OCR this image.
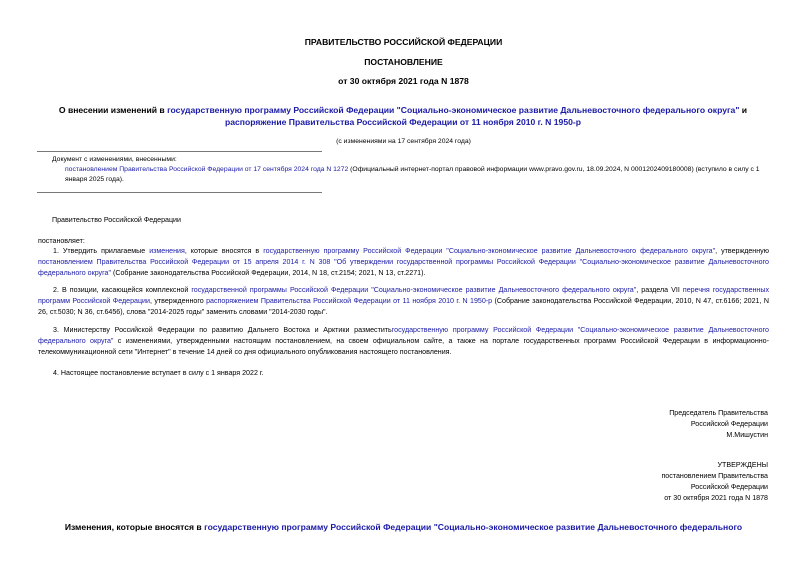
ПРАВИТЕЛЬСТВО РОССИЙСКОЙ ФЕДЕРАЦИИ
ПОСТАНОВЛЕНИЕ
от 30 октября 2021 года N 1878
О внесении изменений в государственную программу Российской Федерации "Социально-экономическое развитие Дальневосточного федерального округа" и распоряжение Правительства Российской Федерации от 11 ноября 2010 г. N 1950-р
(с изменениями на 17 сентября 2024 года)
Документ с изменениями, внесенными:
постановлением Правительства Российской Федерации от 17 сентября 2024 года N 1272 (Официальный интернет-портал правовой информации www.pravo.gov.ru, 18.09.2024, N 0001202409180008) (вступило в силу с 1 января 2025 года).
Правительство Российской Федерации
постановляет:
1. Утвердить прилагаемые изменения, которые вносятся в государственную программу Российской Федерации "Социально-экономическое развитие Дальневосточного федерального округа", утвержденную постановлением Правительства Российской Федерации от 15 апреля 2014 г. N 308 "Об утверждении государственной программы Российской Федерации "Социально-экономическое развитие Дальневосточного федерального округа" (Собрание законодательства Российской Федерации, 2014, N 18, ст.2154; 2021, N 13, ст.2271).
2. В позиции, касающейся комплексной государственной программы Российской Федерации "Социально-экономическое развитие Дальневосточного федерального округа", раздела VII перечня государственных программ Российской Федерации, утвержденного распоряжением Правительства Российской Федерации от 11 ноября 2010 г. N 1950-р (Собрание законодательства Российской Федерации, 2010, N 47, ст.6166; 2021, N 26, ст.5030; N 36, ст.6456), слова "2014-2025 годы" заменить словами "2014-2030 годы".
3. Министерству Российской Федерации по развитию Дальнего Востока и Арктики разместитьгосударственную программу Российской Федерации "Социально-экономическое развитие Дальневосточного федерального округа" с изменениями, утвержденными настоящим постановлением, на своем официальном сайте, а также на портале государственных программ Российской Федерации в информационно-телекоммуникационной сети "Интернет" в течение 14 дней со дня официального опубликования настоящего постановления.
4. Настоящее постановление вступает в силу с 1 января 2022 г.
Председатель Правительства
Российской Федерации
М.Мишустин
УТВЕРЖДЕНЫ
постановлением Правительства
Российской Федерации
от 30 октября 2021 года N 1878
Изменения, которые вносятся в государственную программу Российской Федерации "Социально-экономическое развитие Дальневосточного федерального
